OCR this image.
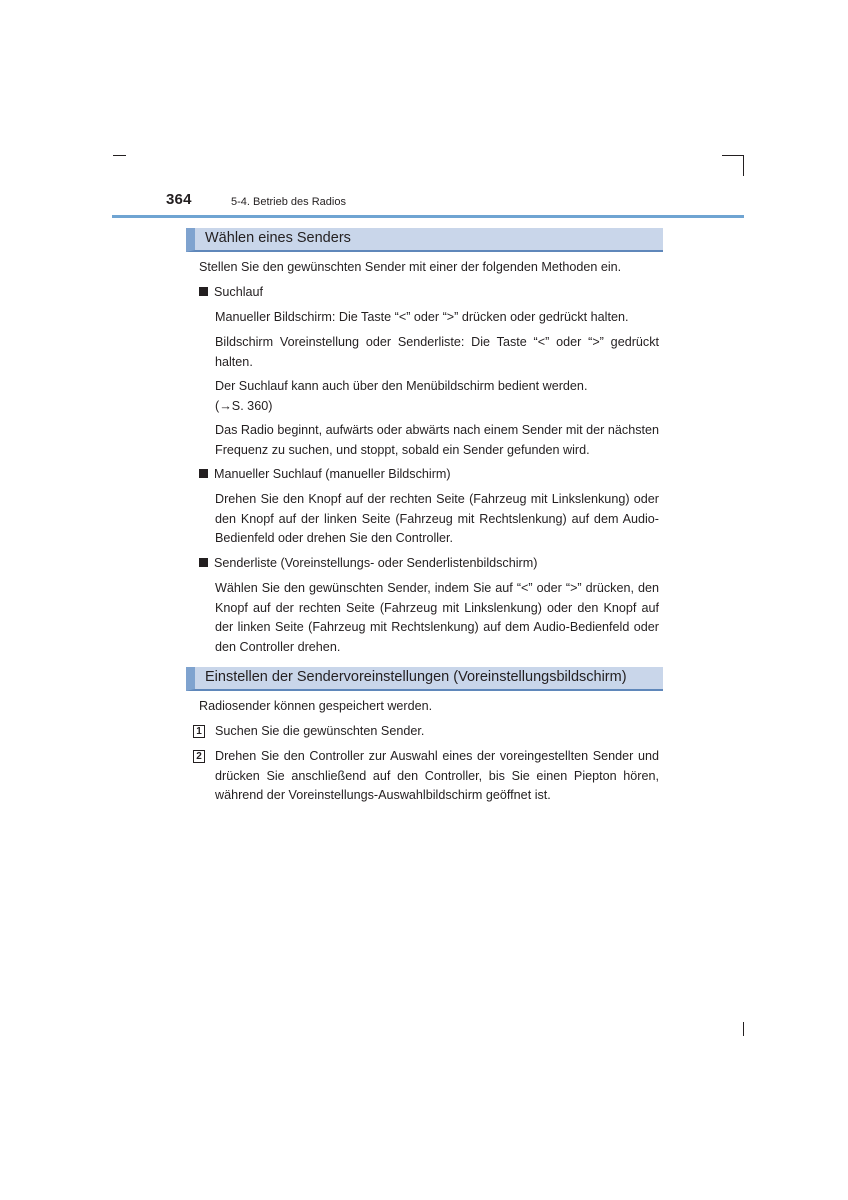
364	5-4. Betrieb des Radios
Wählen eines Senders

Stellen Sie den gewünschten Sender mit einer der folgenden Methoden ein.

Suchlauf

Manueller Bildschirm: Die Taste “<” oder “>” drücken oder gedrückt halten.

Bildschirm Voreinstellung oder Senderliste: Die Taste “<” oder “>” gedrückt halten.

Der Suchlauf kann auch über den Menübildschirm bedient werden. (→S. 360)

Das Radio beginnt, aufwärts oder abwärts nach einem Sender mit der nächsten Frequenz zu suchen, und stoppt, sobald ein Sender gefunden wird.

Manueller Suchlauf (manueller Bildschirm)

Drehen Sie den Knopf auf der rechten Seite (Fahrzeug mit Linkslenkung) oder den Knopf auf der linken Seite (Fahrzeug mit Rechtslenkung) auf dem Audio-Bedienfeld oder drehen Sie den Controller.

Senderliste (Voreinstellungs- oder Senderlistenbildschirm)

Wählen Sie den gewünschten Sender, indem Sie auf “<” oder “>” drücken, den Knopf auf der rechten Seite (Fahrzeug mit Linkslenkung) oder den Knopf auf der linken Seite (Fahrzeug mit Rechtslenkung) auf dem Audio-Bedienfeld oder den Controller drehen.

Einstellen der Sendervoreinstellungen (Voreinstellungsbildschirm)

Radiosender können gespeichert werden.

1 Suchen Sie die gewünschten Sender.

2 Drehen Sie den Controller zur Auswahl eines der voreingestellten Sender und drücken Sie anschließend auf den Controller, bis Sie einen Piepton hören, während der Voreinstellungs-Auswahlbildschirm geöffnet ist.
